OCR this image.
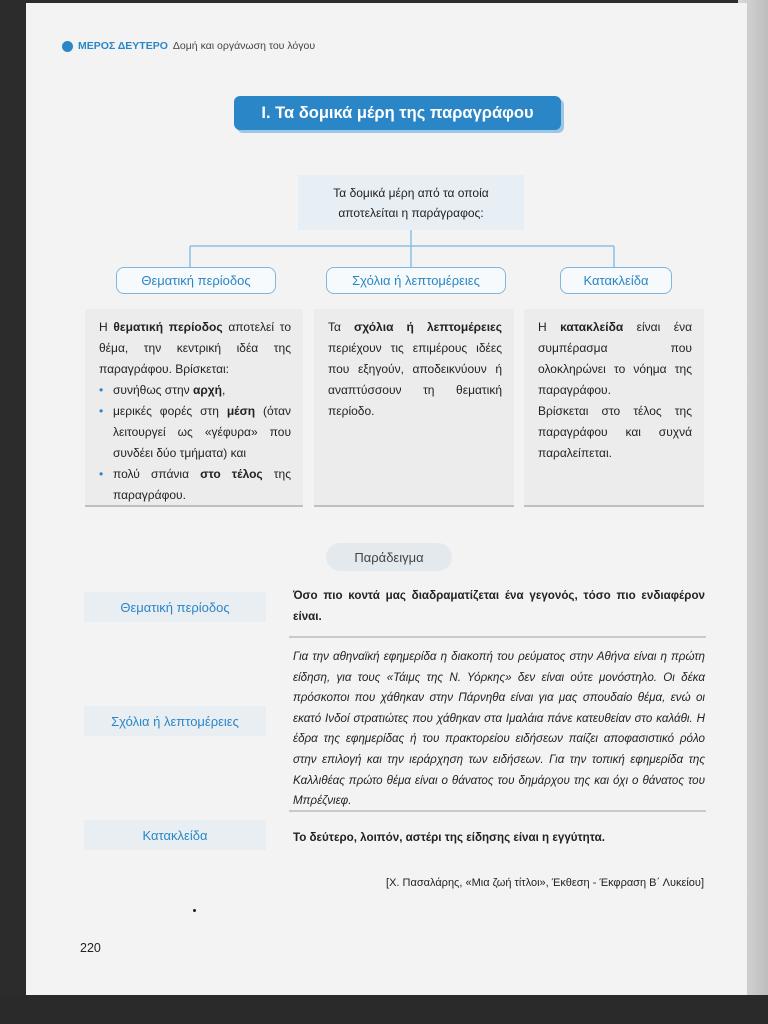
ΜΕΡΟΣ ΔΕΥΤΕΡΟ Δομή και οργάνωση του λόγου
I. Τα δομικά μέρη της παραγράφου
Τα δομικά μέρη από τα οποία
αποτελείται η παράγραφος:
Θεματική περίοδος	Σχόλια ή λεπτομέρειες	Κατακλείδα
Η θεματική περίοδος αποτελεί το θέμα, την κεντρική ιδέα της παραγράφου. Βρίσκεται:
• συνήθως στην αρχή,
• μερικές φορές στη μέση (όταν λειτουργεί ως «γέφυρα» που συνδέει δύο τμήματα) και
• πολύ σπάνια στο τέλος της παραγράφου.
Τα σχόλια ή λεπτομέρειες περιέχουν τις επιμέρους ιδέες που εξηγούν, αποδεικνύουν ή αναπτύσσουν τη θεματική περίοδο.
Η κατακλείδα είναι ένα συμπέρασμα που ολοκληρώνει το νόημα της παραγράφου.
Βρίσκεται στο τέλος της παραγράφου και συχνά παραλείπεται.
Παράδειγμα
Θεματική περίοδος
Όσο πιο κοντά μας διαδραματίζεται ένα γεγονός, τόσο πιο ενδιαφέρον είναι.
Σχόλια ή λεπτομέρειες
Για την αθηναϊκή εφημερίδα η διακοπή του ρεύματος στην Αθήνα είναι η πρώτη είδηση, για τους «Τάιμς της Ν. Υόρκης» δεν είναι ούτε μονόστηλο. Οι δέκα πρόσκοποι που χάθηκαν στην Πάρνηθα είναι για μας σπουδαίο θέμα, ενώ οι εκατό Ινδοί στρατιώτες που χάθηκαν στα Ιμαλάια πάνε κατευθείαν στο καλάθι. Η έδρα της εφημερίδας ή του πρακτορείου ειδήσεων παίζει αποφασιστικό ρόλο στην επιλογή και την ιεράρχηση των ειδήσεων. Για την τοπική εφημερίδα της Καλλιθέας πρώτο θέμα είναι ο θάνατος του δημάρχου της και όχι ο θάνατος του Μπρέζνιεφ.
Κατακλείδα	Το δεύτερο, λοιπόν, αστέρι της είδησης είναι η εγγύτητα.
[Χ. Πασαλάρης, «Μια ζωή τίτλοι», Έκθεση - Έκφραση Β΄ Λυκείου]
220
